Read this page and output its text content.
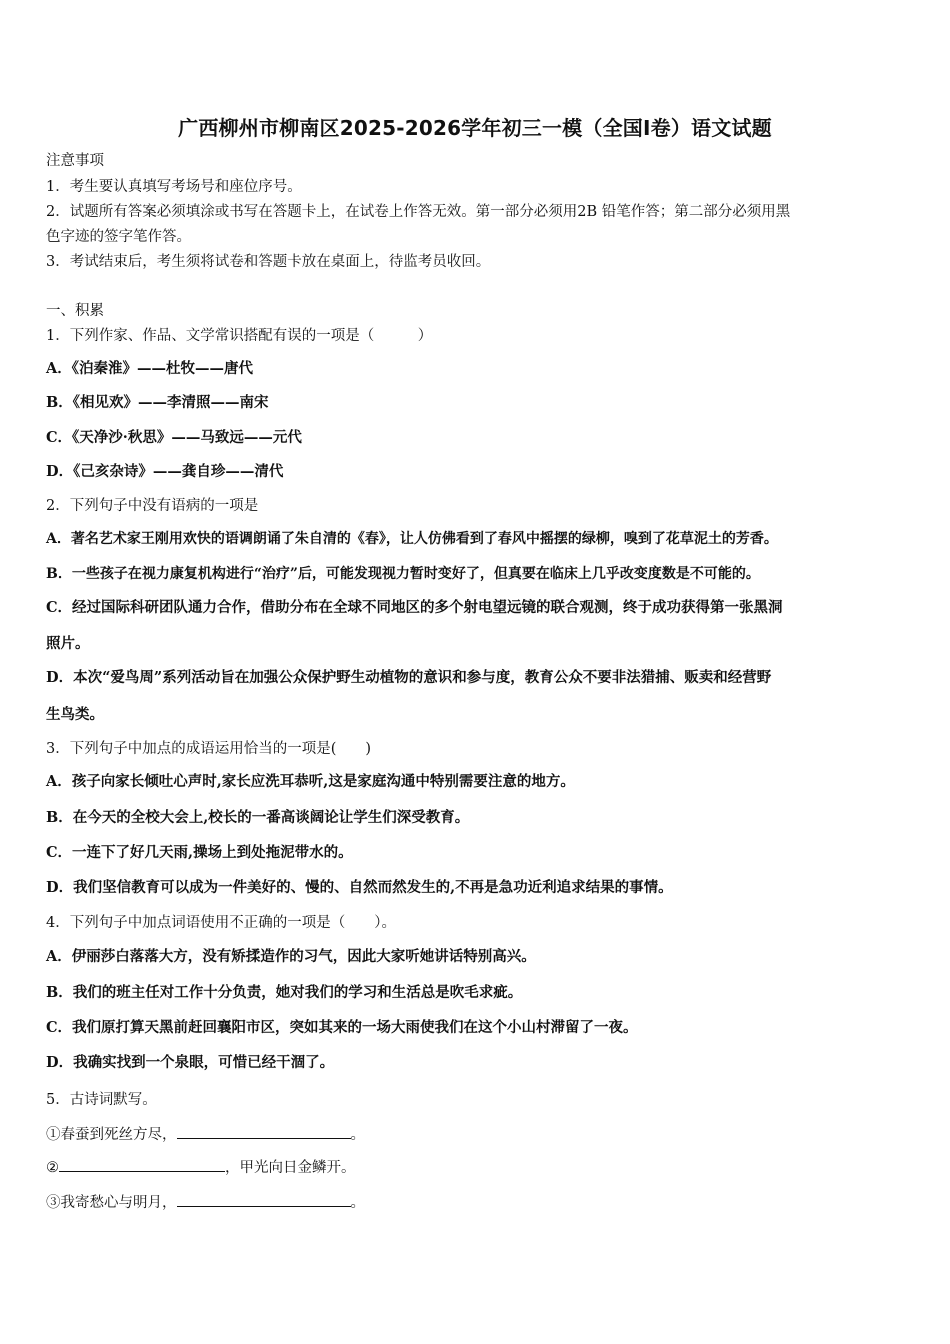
广西柳州市柳南区2025-2026学年初三一模（全国Ⅰ卷）语文试题
注意事项
1．考生要认真填写考场号和座位序号。
2．试题所有答案必须填涂或书写在答题卡上，在试卷上作答无效。第一部分必须用2B 铅笔作答；第二部分必须用黑
色字迹的签字笔作答。
3．考试结束后，考生须将试卷和答题卡放在桌面上，待监考员收回。
一、积累
1．下列作家、作品、文学常识搭配有误的一项是（　　　）
A．《泊秦淮》——杜牧——唐代
B．《相见欢》——李清照——南宋
C．《天净沙·秋思》——马致远——元代
D．《己亥杂诗》——龚自珍——清代
2．下列句子中没有语病的一项是
A．著名艺术家王刚用欢快的语调朗诵了朱自清的《春》，让人仿佛看到了春风中摇摆的绿柳，嗅到了花草泥土的芳香。
B．一些孩子在视力康复机构进行“治疗”后，可能发现视力暂时变好了，但真要在临床上几乎改变度数是不可能的。
C．经过国际科研团队通力合作，借助分布在全球不同地区的多个射电望远镜的联合观测，终于成功获得第一张黑洞
照片。
D．本次“爱鸟周”系列活动旨在加强公众保护野生动植物的意识和参与度，教育公众不要非法猎捕、贩卖和经营野
生鸟类。
3．下列句子中加点的成语运用恰当的一项是(　　)
A．孩子向家长倾吐心声时,家长应洗耳恭听,这是家庭沟通中特别需要注意的地方。
B．在今天的全校大会上,校长的一番高谈阔论让学生们深受教育。
C．一连下了好几天雨,操场上到处拖泥带水的。
D．我们坚信教育可以成为一件美好的、慢的、自然而然发生的,不再是急功近利追求结果的事情。
4．下列句子中加点词语使用不正确的一项是（　　）。
A．伊丽莎白落落大方，没有矫揉造作的习气，因此大家听她讲话特别高兴。
B．我们的班主任对工作十分负责，她对我们的学习和生活总是吹毛求疵。
C．我们原打算天黑前赶回襄阳市区，突如其来的一场大雨使我们在这个小山村滞留了一夜。
D．我确实找到一个泉眼，可惜已经干涸了。
5．古诗词默写。
①春蚕到死丝方尽，	。
②	，甲光向日金鳞开。
③我寄愁心与明月，	。
